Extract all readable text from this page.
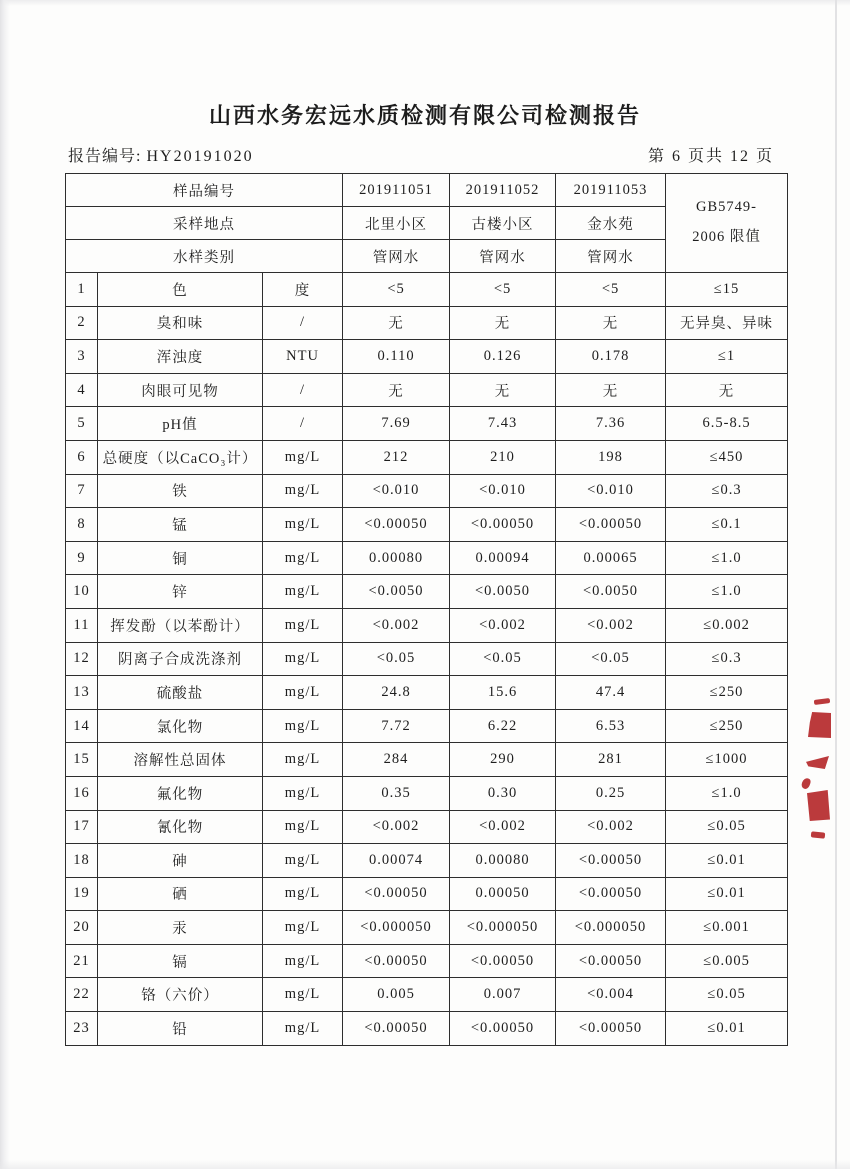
山西水务宏远水质检测有限公司检测报告
报告编号: HY20191020	第 6 页共 12 页
样品编号			201911051	201911052	201911053	GB5749-
2006 限值

采样地点			北里小区	古楼小区	金水苑	
水样类别			管网水	管网水	管网水	
1	色	度	<5	<5	<5	≤15
2	臭和味	/	无	无	无	无异臭、异味
3	浑浊度	NTU	0.110	0.126	0.178	≤1
4	肉眼可见物	/	无	无	无	无
5	pH值	/	7.69	7.43	7.36	6.5-8.5
6	总硬度（以CaCO₃计）	mg/L	212	210	198	≤450
7	铁	mg/L	<0.010	<0.010	<0.010	≤0.3
8	锰	mg/L	<0.00050	<0.00050	<0.00050	≤0.1
9	铜	mg/L	0.00080	0.00094	0.00065	≤1.0
10	锌	mg/L	<0.0050	<0.0050	<0.0050	≤1.0
11	挥发酚（以苯酚计）	mg/L	<0.002	<0.002	<0.002	≤0.002
12	阴离子合成洗涤剂	mg/L	<0.05	<0.05	<0.05	≤0.3
13	硫酸盐	mg/L	24.8	15.6	47.4	≤250
14	氯化物	mg/L	7.72	6.22	6.53	≤250
15	溶解性总固体	mg/L	284	290	281	≤1000
16	氟化物	mg/L	0.35	0.30	0.25	≤1.0
17	氰化物	mg/L	<0.002	<0.002	<0.002	≤0.05
18	砷	mg/L	0.00074	0.00080	<0.00050	≤0.01
19	硒	mg/L	<0.00050	0.00050	<0.00050	≤0.01
20	汞	mg/L	<0.000050	<0.000050	<0.000050	≤0.001
21	镉	mg/L	<0.00050	<0.00050	<0.00050	≤0.005
22	铬（六价）	mg/L	0.005	0.007	<0.004	≤0.05
23	铅	mg/L	<0.00050	<0.00050	<0.00050	≤0.01
